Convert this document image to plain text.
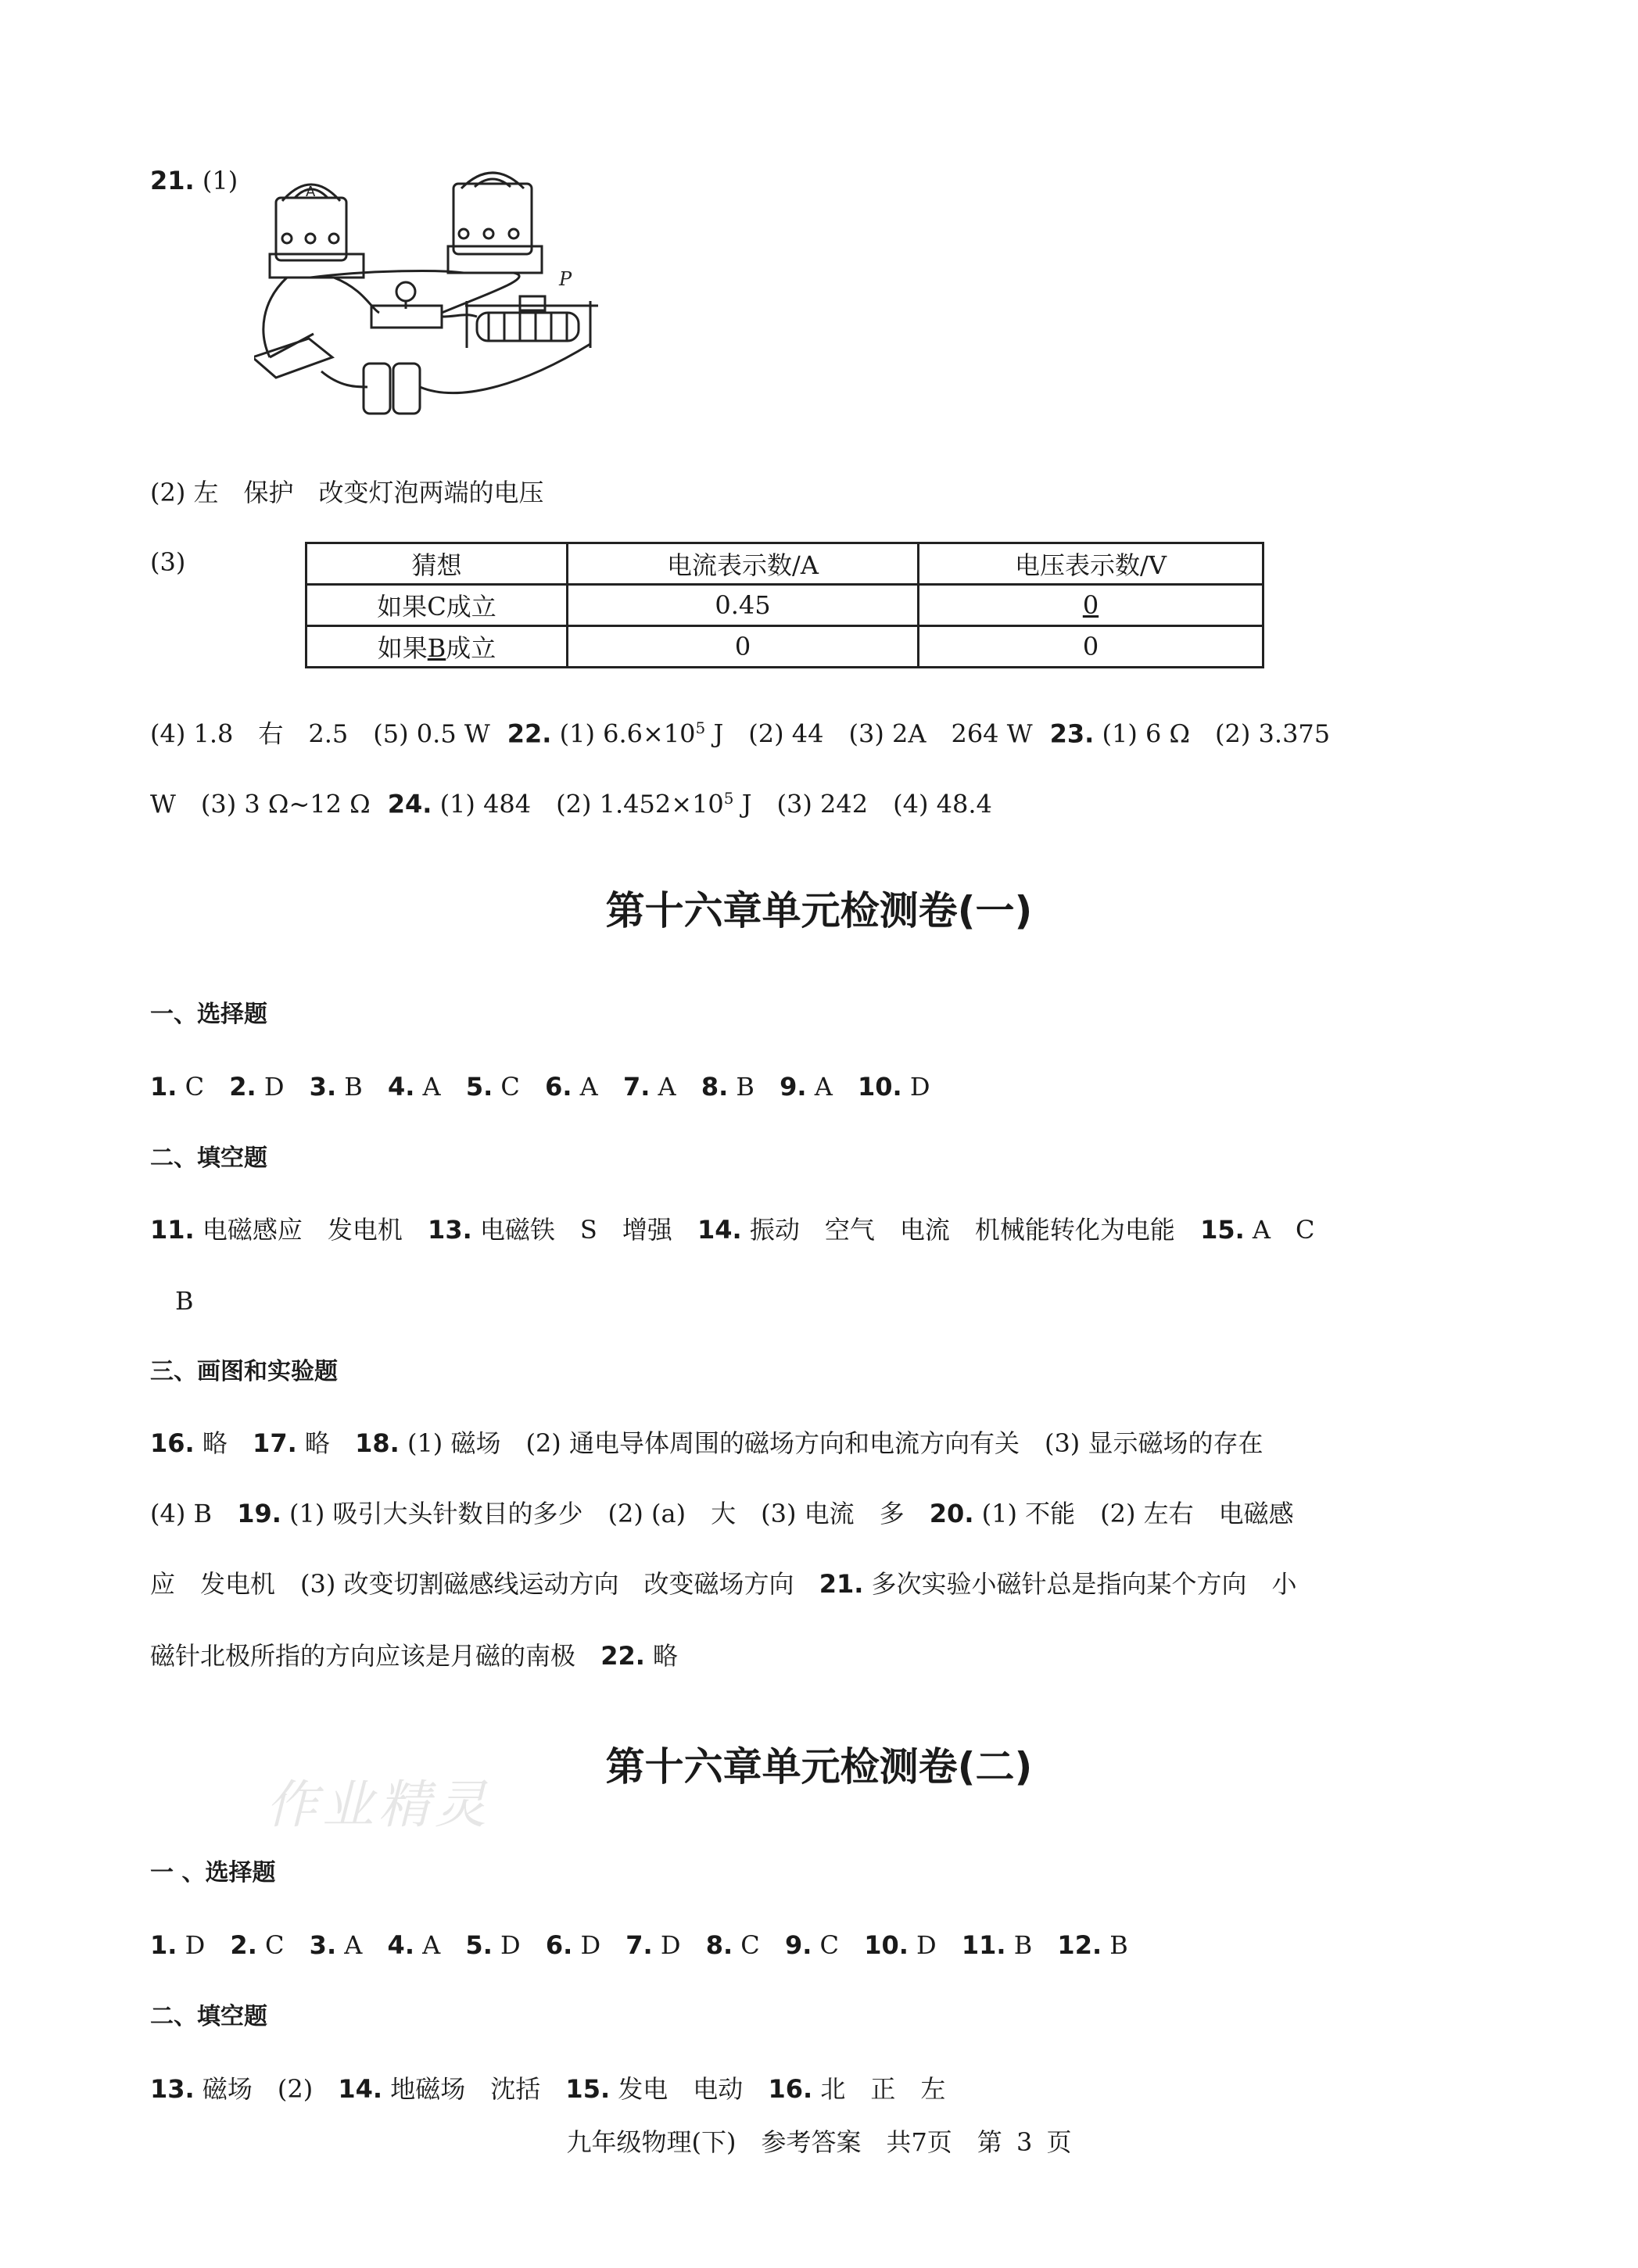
21. (1)	A
P
(2) 左　保护　改变灯泡两端的电压
(3)	猜想	电流表示数/A	电压表示数/V
如果C成立	0.45	0
如果B成立	0	0
(4) 1.8　右　2.5　(5) 0.5 W 22. (1) $6.6\times 10^5$ J　(2) 44　(3) 2A　264 W 23. (1) 6 Ω　(2) 3.375
W　(3) 3 Ω~12 Ω 24. (1) 484　(2) $1.452\times 10^5$ J　(3) 242　(4) 48.4
第十六章单元检测卷(一)
一、选择题
1. C 2. D 3. B 4. A 5. C 6. A 7. A 8. B 9. A 10. D
二、填空题
11. 电磁感应　发电机 13. 电磁铁　S　增强 14. 振动　空气　电流　机械能转化为电能 15. A　C
B
三、画图和实验题
16. 略 17. 略 18. (1) 磁场　(2) 通电导体周围的磁场方向和电流方向有关　(3) 显示磁场的存在
(4) B 19. (1) 吸引大头针数目的多少　(2) (a)　大　(3) 电流　多 20. (1) 不能　(2) 左右　电磁感
应　发电机　(3) 改变切割磁感线运动方向　改变磁场方向 21. 多次实验小磁针总是指向某个方向　小
磁针北极所指的方向应该是月磁的南极 22. 略
第十六章单元检测卷(二)
一 、选择题
1. D 2. C 3. A 4. A 5. D 6. D 7. D 8. C 9. C 10. D 11. B 12. B
二、填空题
13. 磁场　(2) 14. 地磁场　沈括 15. 发电　电动 16. 北　正　左
九年级物理(下)　参考答案　共7页　第 3 页
作业精灵
